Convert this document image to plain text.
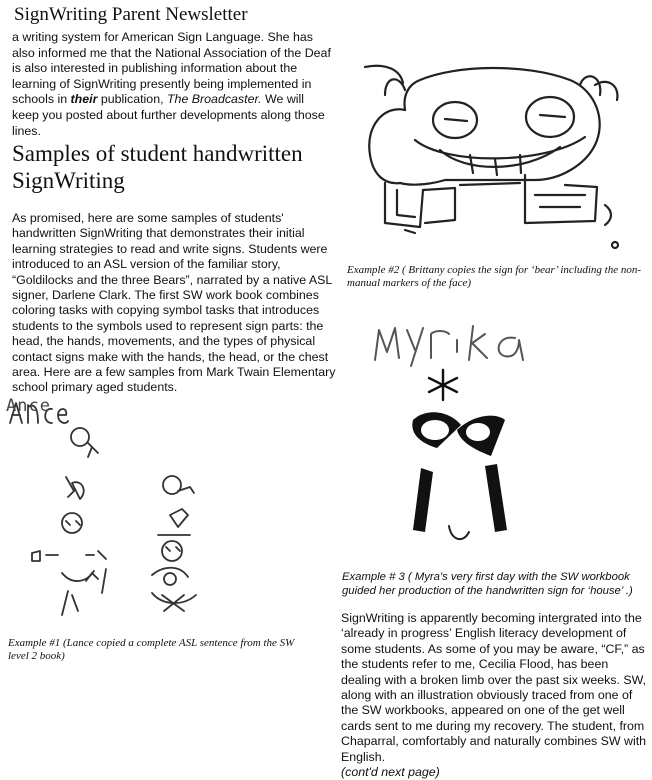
SignWriting Parent Newsletter
a writing system for American Sign Language. She has also informed me that the National Association of the Deaf is also interested in publishing information about the learning of SignWriting presently being implemented in schools in their publication, The Broadcaster. We will keep you posted about further developments along those lines.
Samples of student handwritten SignWriting
As promised, here are some samples of students' handwritten SignWriting that demonstrates their initial learning strategies to read and write signs. Students were introduced to an ASL version of the familiar story, “Goldilocks and the three Bears”, narrated by a native ASL signer, Darlene Clark. The first SW work book combines coloring tasks with copying symbol tasks that introduces students to the symbols used to represent sign parts: the head, the hands, movements, and the types of physical contact signs make with the hands, the head, or the chest area. Here are a few samples from Mark Twain Elementary school primary aged students.
Example #2 ( Brittany copies the sign for ‘bear’ including the non-manual markers of the face)
Example # 3 ( Myra's very first day with the SW workbook guided her production of the handwritten sign for ‘house’ .)
Ance
Example #1 (Lance copied a complete ASL sentence from the SW level 2 book)
SignWriting is apparently becoming intergrated into the ‘already in progress’ English literacy development of some students. As some of you may be aware, “CF,” as the students refer to me, Cecilia Flood, has been dealing with a broken limb over the past six weeks. SW, along with an illustration obviously traced from one of the SW workbooks, appeared on one of the get well cards sent to me during my recovery. The student, from Chaparral, comfortably and naturally combines SW with English.
(cont'd next page)
